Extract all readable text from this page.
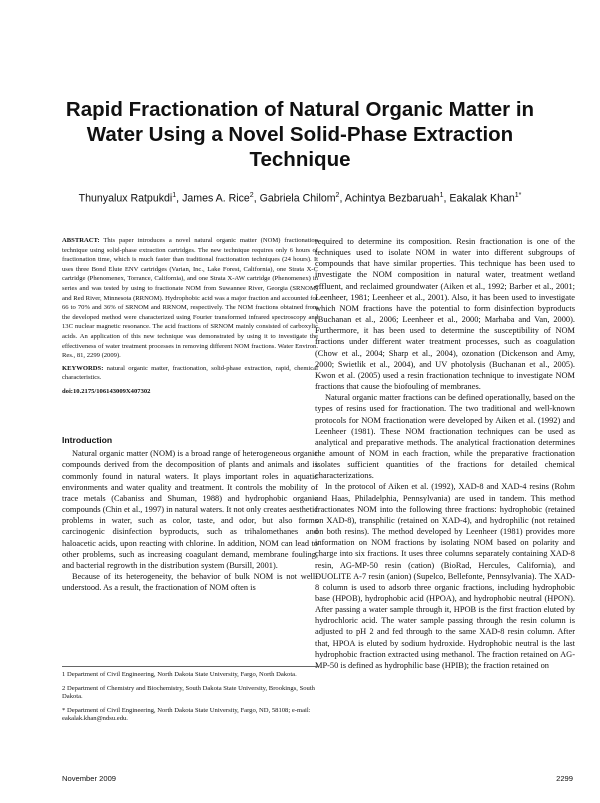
Rapid Fractionation of Natural Organic Matter in Water Using a Novel Solid-Phase Extraction Technique
Thunyalux Ratpukdi$^1$, James A. Rice$^2$, Gabriela Chilom$^2$, Achintya Bezbaruah$^1$, Eakalak Khan$^{1*}$
ABSTRACT: This paper introduces a novel natural organic matter (NOM) fractionation technique using solid-phase extraction cartridges. The new technique requires only 6 hours of fractionation time, which is much faster than traditional fractionation techniques (24 hours). It uses three Bond Elute ENV cartridges (Varian, Inc., Lake Forest, California), one Strata X-C cartridge (Phenomenex, Torrance, California), and one Strata X-AW cartridge (Phenomenex) in series and was tested by using to fractionate NOM from Suwannee River, Georgia (SRNOM) and Red River, Minnesota (RRNOM). Hydrophobic acid was a major fraction and accounted for 66 to 70% and 36% of SRNOM and RRNOM, respectively. The NOM fractions obtained from the developed method were characterized using Fourier transformed infrared spectroscopy and 13C nuclear magnetic resonance. The acid fractions of SRNOM mainly consisted of carboxylic acids. An application of this new technique was demonstrated by using it to investigate the effectiveness of water treatment processes in removing different NOM fractions. Water Environ. Res., 81, 2299 (2009).
KEYWORDS: natural organic matter, fractionation, solid-phase extraction, rapid, chemical characteristics.
doi:10.2175/106143009X407302
Introduction

Natural organic matter (NOM) is a broad range of heterogeneous organic compounds derived from the decomposition of plants and animals and is commonly found in natural waters. It plays important roles in aquatic environments and water quality and treatment. It controls the mobility of trace metals (Cabaniss and Shuman, 1988) and hydrophobic organic compounds (Chin et al., 1997) in natural waters. It not only creates aesthetic problems in water, such as color, taste, and odor, but also forms carcinogenic disinfection byproducts, such as trihalomethanes and haloacetic acids, upon reacting with chlorine. In addition, NOM can lead to other problems, such as increasing coagulant demand, membrane fouling, and bacterial regrowth in the distribution system (Bursill, 2001).

Because of its heterogeneity, the behavior of bulk NOM is not well-understood. As a result, the fractionation of NOM often is

required to determine its composition. Resin fractionation is one of the techniques used to isolate NOM in water into different subgroups of compounds that have similar properties. This technique has been used to investigate the NOM composition in natural water, treatment wetland effluent, and reclaimed groundwater (Aiken et al., 1992; Barber et al., 2001; Leenheer, 1981; Leenheer et al., 2001). Also, it has been used to investigate which NOM fractions have the potential to form disinfection byproducts (Buchanan et al., 2006; Leenheer et al., 2000; Marhaba and Van, 2000). Furthermore, it has been used to determine the susceptibility of NOM fractions under different water treatment processes, such as coagulation (Chow et al., 2004; Sharp et al., 2004), ozonation (Dickenson and Amy, 2000; Swietlik et al., 2004), and UV photolysis (Buchanan et al., 2005). Kwon et al. (2005) used a resin fractionation technique to investigate NOM fractions that cause the biofouling of membranes.

Natural organic matter fractions can be defined operationally, based on the types of resins used for fractionation. The two traditional and well-known protocols for NOM fractionation were developed by Aiken et al. (1992) and Leenheer (1981). These NOM fractionation techniques can be used as analytical and preparative methods. The analytical fractionation determines the amount of NOM in each fraction, while the preparative fractionation isolates sufficient quantities of the fractions for detailed chemical characterizations.

In the protocol of Aiken et al. (1992), XAD-8 and XAD-4 resins (Rohm and Haas, Philadelphia, Pennsylvania) are used in tandem. This method fractionates NOM into the following three fractions: hydrophobic (retained on XAD-8), transphilic (retained on XAD-4), and hydrophilic (not retained on both resins). The method developed by Leenheer (1981) provides more information on NOM fractions by isolating NOM based on polarity and charge into six fractions. It uses three columns separately containing XAD-8 resin, AG-MP-50 resin (cation) (BioRad, Hercules, California), and DUOLITE A-7 resin (anion) (Supelco, Bellefonte, Pennsylvania). The XAD-8 column is used to adsorb three organic fractions, including hydrophobic base (HPOB), hydrophobic acid (HPOA), and hydrophobic neutral (HPON). After passing a water sample through it, HPOB is the first fraction eluted by hydrochloric acid. The water sample passing through the resin column is adjusted to pH 2 and fed through to the same XAD-8 resin column. After that, HPOA is eluted by sodium hydroxide. Hydrophobic neutral is the last hydrophobic fraction extracted using methanol. The fraction retained on AG-MP-50 is defined as hydrophilic base (HPIB); the fraction retained on

1 Department of Civil Engineering, North Dakota State University, Fargo, North Dakota.
2 Department of Chemistry and Biochemistry, South Dakota State University, Brookings, South Dakota.
* Department of Civil Engineering, North Dakota State University, Fargo, ND, 58108; e-mail: eakalak.khan@ndsu.edu.
November 2009	2299
